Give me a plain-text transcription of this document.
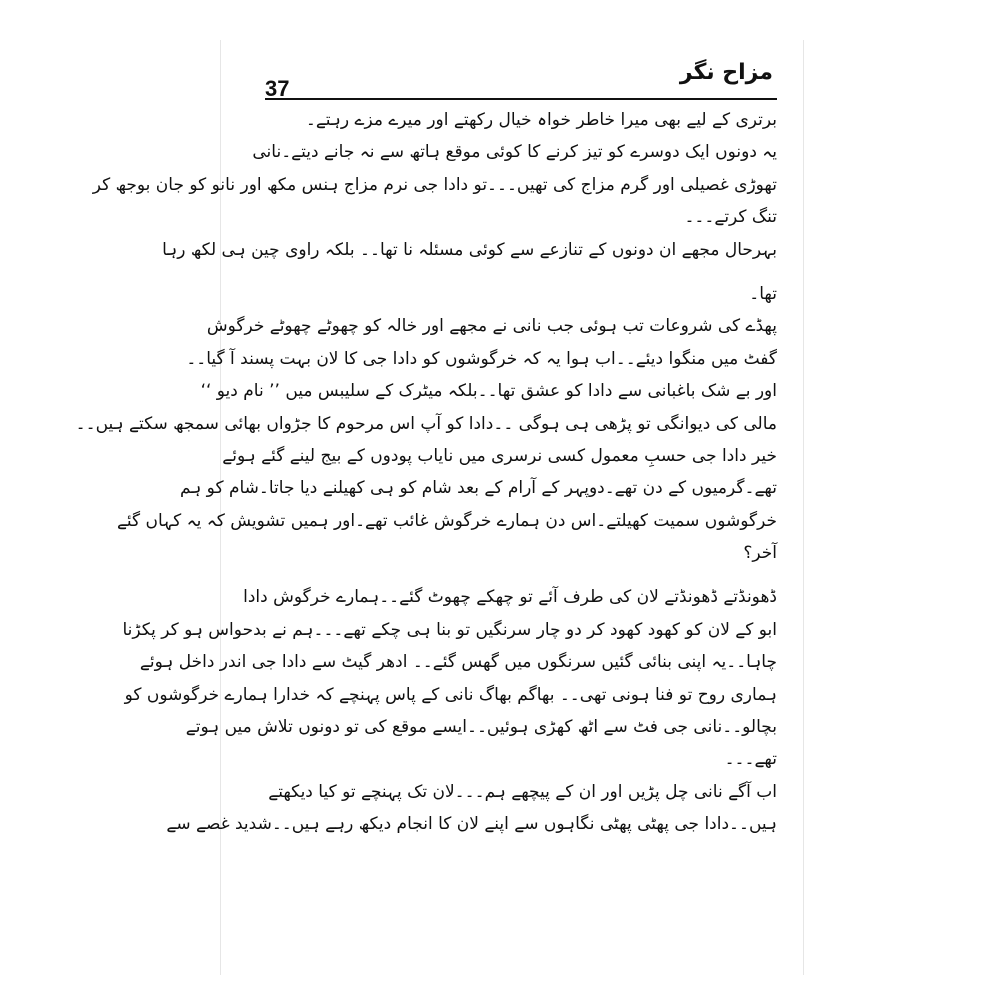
مزاح نگر
37
برتری کے لیے بھی میرا خاطر خواہ خیال رکھتے اور میرے مزے رہتے۔
یہ دونوں ایک دوسرے کو تیز کرنے کا کوئی موقع ہاتھ سے نہ جانے دیتے۔نانی
تھوڑی غصیلی اور گرم مزاج کی تھیں۔۔۔تو دادا جی نرم مزاج ہنس مکھ اور نانو کو جان بوجھ کر
تنگ کرتے۔۔۔
بہرحال مجھے ان دونوں کے تنازعے سے کوئی مسئلہ نا تھا۔۔ بلکہ راوی چین ہی لکھ رہا
تھا۔
پھڈے کی شروعات تب ہوئی جب نانی نے مجھے اور خالہ کو چھوٹے چھوٹے خرگوش
گفٹ میں منگوا دیئے۔۔اب ہوا یہ کہ خرگوشوں کو دادا جی کا لان بہت پسند آ گیا۔۔
اور بے شک باغبانی سے دادا کو عشق تھا۔۔بلکہ میٹرک کے سلیبس میں ’’ نام دیو ‘‘
مالی کی دیوانگی تو پڑھی ہی ہوگی ۔۔دادا کو آپ اس مرحوم کا جڑواں بھائی سمجھ سکتے ہیں۔۔
خیر دادا جی حسبِ معمول کسی نرسری میں نایاب پودوں کے بیج لینے گئے ہوئے
تھے۔گرمیوں کے دن تھے۔دوپہر کے آرام کے بعد شام کو ہی کھیلنے دیا جاتا۔شام کو ہم
خرگوشوں سمیت کھیلتے۔اس دن ہمارے خرگوش غائب تھے۔اور ہمیں تشویش کہ یہ کہاں گئے
آخر؟
ڈھونڈتے ڈھونڈتے لان کی طرف آئے تو چھکے چھوٹ گئے۔۔ہمارے خرگوش دادا
ابو کے لان کو کھود کھود کر دو چار سرنگیں تو بنا ہی چکے تھے۔۔۔ہم نے بدحواس ہو کر پکڑنا
چاہا۔۔یہ اپنی بنائی گئیں سرنگوں میں گھس گئے۔۔ ادھر گیٹ سے دادا جی اندر داخل ہوئے
ہماری روح تو فنا ہونی تھی۔۔ بھاگم بھاگ نانی کے پاس پہنچے کہ خدارا ہمارے خرگوشوں کو
بچالو۔۔نانی جی فٹ سے اٹھ کھڑی ہوئیں۔۔ایسے موقع کی تو دونوں تلاش میں ہوتے
تھے۔۔۔
اب آگے نانی چل پڑیں اور ان کے پیچھے ہم۔۔۔لان تک پہنچے تو کیا دیکھتے
ہیں۔۔دادا جی پھٹی پھٹی نگاہوں سے اپنے لان کا انجام دیکھ رہے ہیں۔۔شدید غصے سے
